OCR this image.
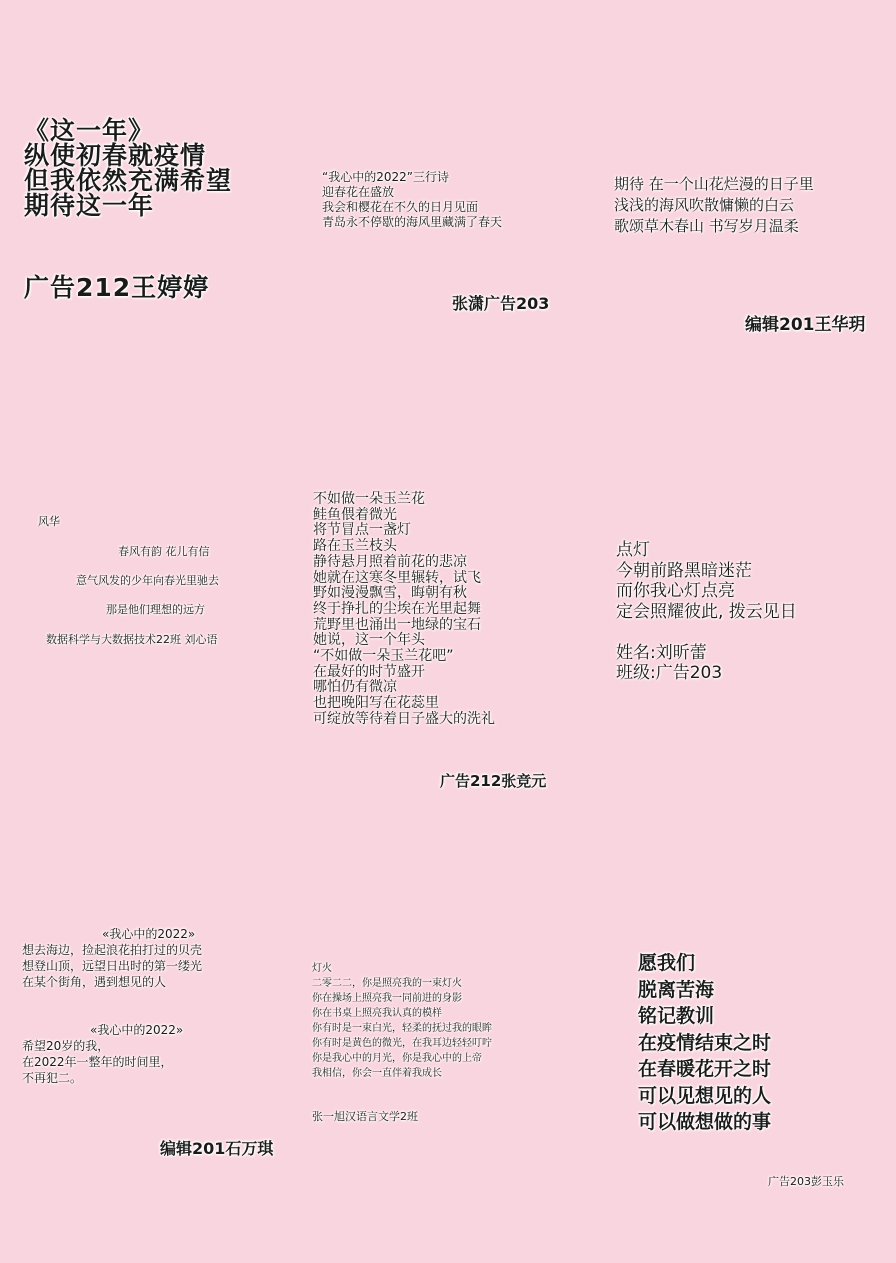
《这一年》
纵使初春就疫情
但我依然充满希望
期待这一年
广告212王婷婷
“我心中的2022”三行诗
迎春花在盛放
我会和樱花在不久的日月见面
青岛永不停歇的海风里藏满了春天
张潇广告203
期待 在一个山花烂漫的日子里
浅浅的海风吹散慵懒的白云
歌颂草木春山 书写岁月温柔
编辑201王华玥
风华
春风有韵 花儿有信
意气风发的少年向春光里驰去
那是他们理想的远方
数据科学与大数据技术22班 刘心语
不如做一朵玉兰花
鲑鱼偎着微光
将节冒点一盏灯
路在玉兰枝头
静待悬月照着前花的悲凉
她就在这寒冬里辗转，试飞
野如漫漫飘雪，晦朝有秋
终于挣扎的尘埃在光里起舞
荒野里也涌出一地绿的宝石
她说，这一个年头
“不如做一朵玉兰花吧”
在最好的时节盛开
哪怕仍有微凉
也把晚阳写在花蕊里
可绽放等待着日子盛大的洗礼
广告212张竞元
点灯
今朝前路黑暗迷茫
而你我心灯点亮
定会照耀彼此, 拨云见日

姓名:刘昕蕾
班级:广告203
«我心中的2022»
想去海边，捡起浪花拍打过的贝壳
想登山顶，远望日出时的第一缕光
在某个街角，遇到想见的人
«我心中的2022»
希望20岁的我，
在2022年一整年的时间里，
不再犯二。
编辑201石万琪
灯火
二零二二，你是照亮我的一束灯火
你在操场上照亮我一同前进的身影
你在书桌上照亮我认真的模样
你有时是一束白光，轻柔的抚过我的眼眸
你有时是黄色的微光，在我耳边轻轻叮咛
你是我心中的月光，你是我心中的上帝
我相信，你会一直伴着我成长
张一旭汉语言文学2班
愿我们
脱离苦海
铭记教训
在疫情结束之时
在春暖花开之时
可以见想见的人
可以做想做的事
广告203彭玉乐
